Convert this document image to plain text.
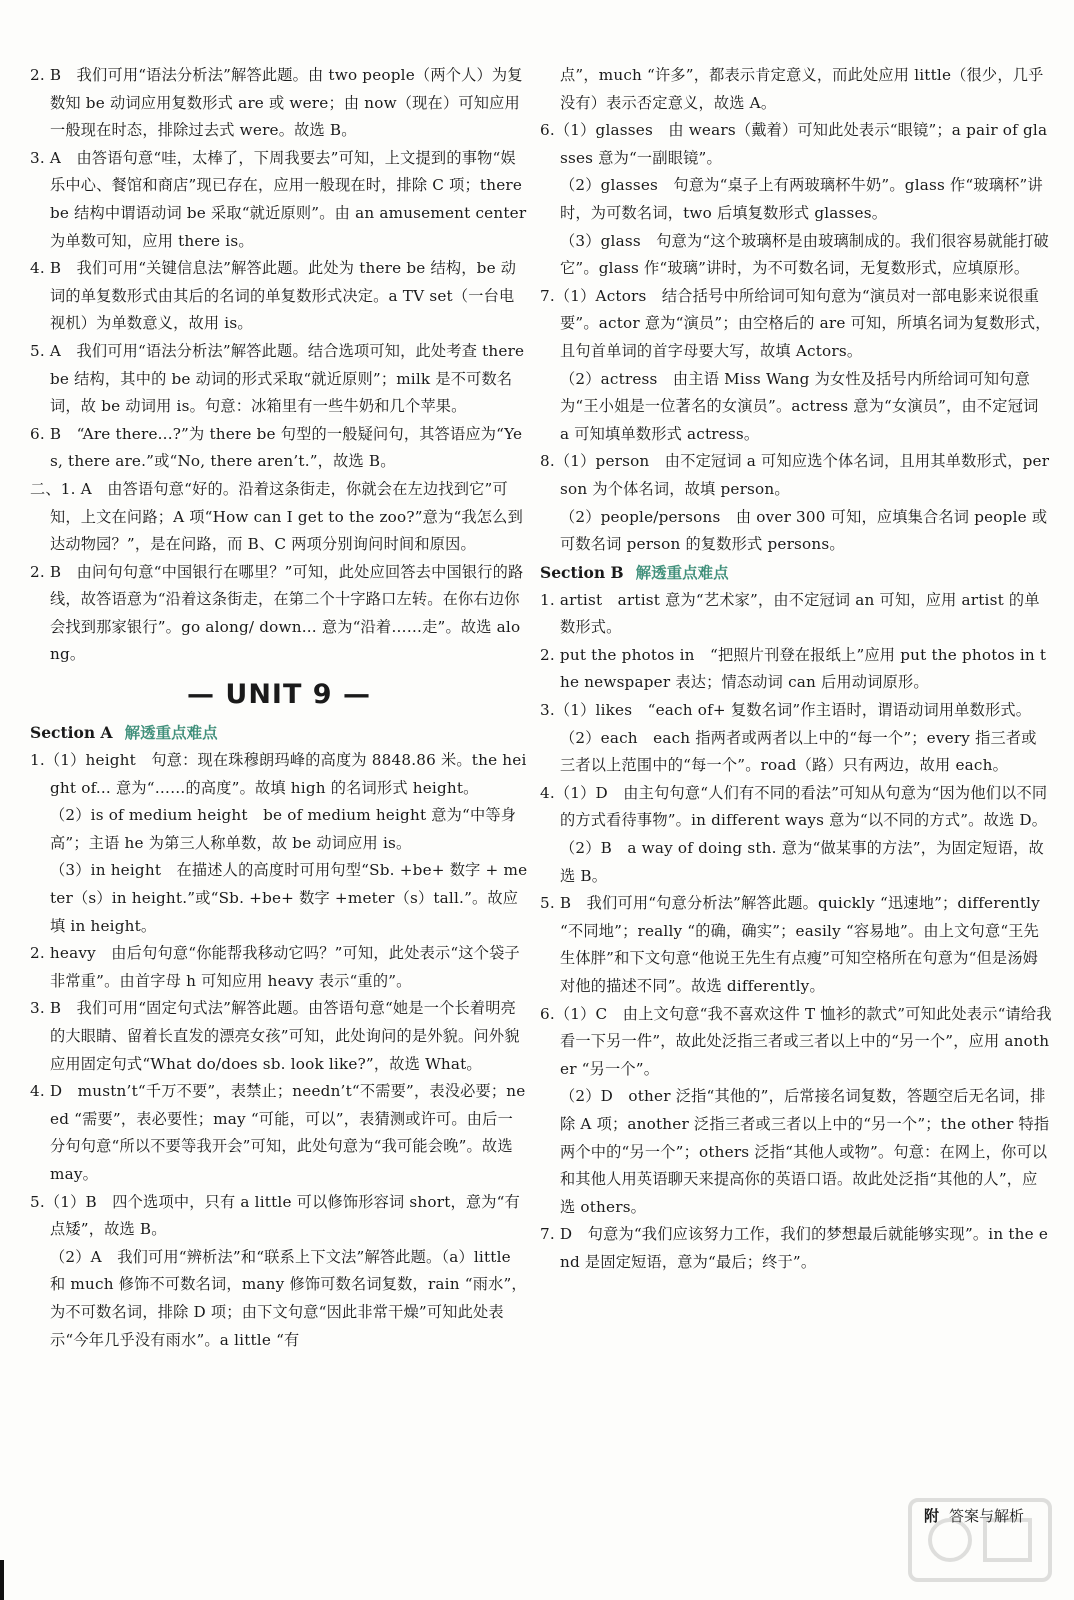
2. B　我们可用“语法分析法”解答此题。由 two people（两个人）为复数知 be 动词应用复数形式 are 或 were；由 now（现在）可知应用一般现在时态，排除过去式 were。故选 B。

3. A　由答语句意“哇，太棒了，下周我要去”可知，上文提到的事物“娱乐中心、餐馆和商店”现已存在，应用一般现在时，排除 C 项；there be 结构中谓语动词 be 采取“就近原则”。由 an amusement center 为单数可知，应用 there is。

4. B　我们可用“关键信息法”解答此题。此处为 there be 结构，be 动词的单复数形式由其后的名词的单复数形式决定。a TV set（一台电视机）为单数意义，故用 is。

5. A　我们可用“语法分析法”解答此题。结合选项可知，此处考查 there be 结构，其中的 be 动词的形式采取“就近原则”；milk 是不可数名词，故 be 动词用 is。句意：冰箱里有一些牛奶和几个苹果。

6. B　“Are there...?”为 there be 句型的一般疑问句，其答语应为“Yes, there are.”或“No, there aren’t.”，故选 B。

二、1. A　由答语句意“好的。沿着这条街走，你就会在左边找到它”可知，上文在问路；A 项“How can I get to the zoo?”意为“我怎么到达动物园？”，是在问路，而 B、C 两项分别询问时间和原因。

2. B　由问句句意“中国银行在哪里？”可知，此处应回答去中国银行的路线，故答语意为“沿着这条街走，在第二个十字路口左转。在你右边你会找到那家银行”。go along/ down... 意为“沿着……走”。故选 along。

— UNIT 9 —
Section A 解透重点难点

1.（1）height　句意：现在珠穆朗玛峰的高度为 8848.86 米。the height of... 意为“……的高度”。故填 high 的名词形式 height。

（2）is of medium height　be of medium height 意为“中等身高”；主语 he 为第三人称单数，故 be 动词应用 is。

（3）in height　在描述人的高度时可用句型“Sb. +be+ 数字 + meter（s）in height.”或“Sb. +be+ 数字 +meter（s）tall.”。故应填 in height。

2. heavy　由后句句意“你能帮我移动它吗？”可知，此处表示“这个袋子非常重”。由首字母 h 可知应用 heavy 表示“重的”。

3. B　我们可用“固定句式法”解答此题。由答语句意“她是一个长着明亮的大眼睛、留着长直发的漂亮女孩”可知，此处询问的是外貌。问外貌应用固定句式“What do/does sb. look like?”，故选 What。

4. D　mustn’t“千万不要”，表禁止；needn’t“不需要”，表没必要；need “需要”，表必要性；may “可能，可以”，表猜测或许可。由后一分句句意“所以不要等我开会”可知，此处句意为“我可能会晚”。故选 may。

5.（1）B　四个选项中，只有 a little 可以修饰形容词 short，意为“有点矮”，故选 B。

（2）A　我们可用“辨析法”和“联系上下文法”解答此题。（a）little 和 much 修饰不可数名词，many 修饰可数名词复数，rain “雨水”，为不可数名词，排除 D 项；由下文句意“因此非常干燥”可知此处表示“今年几乎没有雨水”。a little “有

点”，much “许多”，都表示肯定意义，而此处应用 little（很少，几乎没有）表示否定意义，故选 A。

6.（1）glasses　由 wears（戴着）可知此处表示“眼镜”；a pair of glasses 意为“一副眼镜”。

（2）glasses　句意为“桌子上有两玻璃杯牛奶”。glass 作“玻璃杯”讲时，为可数名词，two 后填复数形式 glasses。

（3）glass　句意为“这个玻璃杯是由玻璃制成的。我们很容易就能打破它”。glass 作“玻璃”讲时，为不可数名词，无复数形式，应填原形。

7.（1）Actors　结合括号中所给词可知句意为“演员对一部电影来说很重要”。actor 意为“演员”；由空格后的 are 可知，所填名词为复数形式，且句首单词的首字母要大写，故填 Actors。

（2）actress　由主语 Miss Wang 为女性及括号内所给词可知句意为“王小姐是一位著名的女演员”。actress 意为“女演员”，由不定冠词 a 可知填单数形式 actress。

8.（1）person　由不定冠词 a 可知应选个体名词，且用其单数形式，person 为个体名词，故填 person。

（2）people/persons　由 over 300 可知，应填集合名词 people 或可数名词 person 的复数形式 persons。

Section B 解透重点难点

1. artist　artist 意为“艺术家”，由不定冠词 an 可知，应用 artist 的单数形式。

2. put the photos in　“把照片刊登在报纸上”应用 put the photos in the newspaper 表达；情态动词 can 后用动词原形。

3.（1）likes　“each of+ 复数名词”作主语时，谓语动词用单数形式。

（2）each　each 指两者或两者以上中的“每一个”；every 指三者或三者以上范围中的“每一个”。road（路）只有两边，故用 each。

4.（1）D　由主句句意“人们有不同的看法”可知从句意为“因为他们以不同的方式看待事物”。in different ways 意为“以不同的方式”。故选 D。

（2）B　a way of doing sth. 意为“做某事的方法”，为固定短语，故选 B。

5. B　我们可用“句意分析法”解答此题。quickly “迅速地”；differently “不同地”；really “的确，确实”；easily “容易地”。由上文句意“王先生体胖”和下文句意“他说王先生有点瘦”可知空格所在句意为“但是汤姆对他的描述不同”。故选 differently。

6.（1）C　由上文句意“我不喜欢这件 T 恤衫的款式”可知此处表示“请给我看一下另一件”，故此处泛指三者或三者以上中的“另一个”，应用 another “另一个”。

（2）D　other 泛指“其他的”，后常接名词复数，答题空后无名词，排除 A 项；another 泛指三者或三者以上中的“另一个”；the other 特指两个中的“另一个”；others 泛指“其他人或物”。句意：在网上，你可以和其他人用英语聊天来提高你的英语口语。故此处泛指“其他的人”，应选 others。

7. D　句意为“我们应该努力工作，我们的梦想最后就能够实现”。in the end 是固定短语，意为“最后；终于”。

附 答案与解析
